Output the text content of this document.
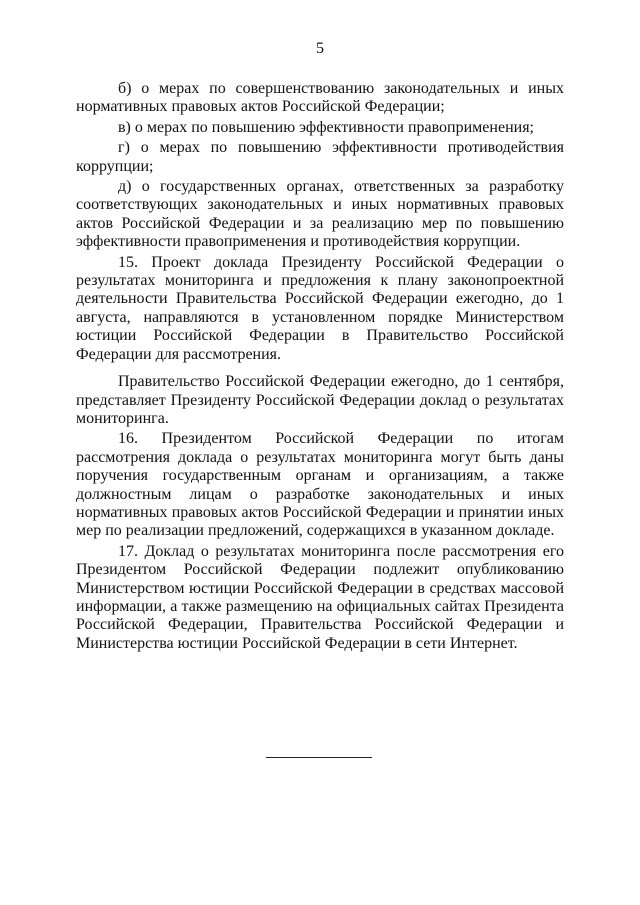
5

б) о мерах по совершенствованию законодательных и иных нормативных правовых актов Российской Федерации;

в) о мерах по повышению эффективности правоприменения;

г) о мерах по повышению эффективности противодействия коррупции;

д) о государственных органах, ответственных за разработку соответствующих законодательных и иных нормативных правовых актов Российской Федерации и за реализацию мер по повышению эффективности правоприменения и противодействия коррупции.

15. Проект доклада Президенту Российской Федерации о результатах мониторинга и предложения к плану законопроектной деятельности Правительства Российской Федерации ежегодно, до 1 августа, направляются в установленном порядке Министерством юстиции Российской Федерации в Правительство Российской Федерации для рассмотрения.

Правительство Российской Федерации ежегодно, до 1 сентября, представляет Президенту Российской Федерации доклад о результатах мониторинга.

16. Президентом Российской Федерации по итогам рассмотрения доклада о результатах мониторинга могут быть даны поручения государственным органам и организациям, а также должностным лицам о разработке законодательных и иных нормативных правовых актов Российской Федерации и принятии иных мер по реализации предложений, содержащихся в указанном докладе.

17. Доклад о результатах мониторинга после рассмотрения его Президентом Российской Федерации подлежит опубликованию Министерством юстиции Российской Федерации в средствах массовой информации, а также размещению на официальных сайтах Президента Российской Федерации, Правительства Российской Федерации и Министерства юстиции Российской Федерации в сети Интернет.
